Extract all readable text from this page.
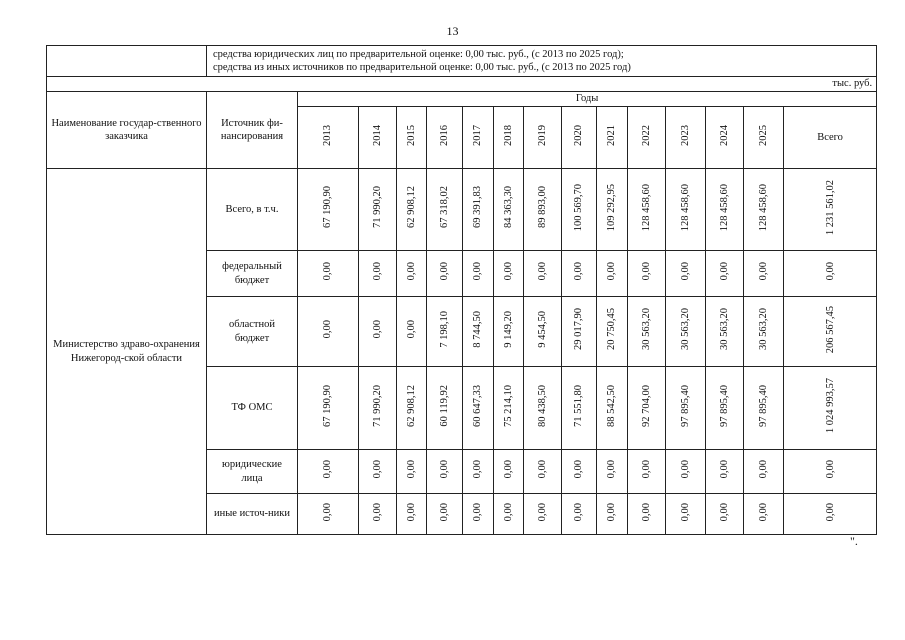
13

	средства юридических лиц по предварительной оценке: 0,00 тыс. руб., (с 2013 по 2025 год);
средства из иных источников по предварительной оценке: 0,00 тыс. руб., (с 2013 по 2025 год)														

тыс. руб.															
Наименование государ-ственного заказчика	Источник фи-нансирования	Годы													
		2013	2014	2015	2016	2017	2018	2019	2020	2021	2022	2023	2024	2025	Всего
Министерство здраво-охранения Нижегород-ской области	Всего, в т.ч.	67 190,90	71 990,20	62 908,12	67 318,02	69 391,83	84 363,30	89 893,00	100 569,70	109 292,95	128 458,60	128 458,60	128 458,60	128 458,60	1 231 561,02
	федеральный бюджет	0,00	0,00	0,00	0,00	0,00	0,00	0,00	0,00	0,00	0,00	0,00	0,00	0,00	0,00
	областной бюджет	0,00	0,00	0,00	7 198,10	8 744,50	9 149,20	9 454,50	29 017,90	20 750,45	30 563,20	30 563,20	30 563,20	30 563,20	206 567,45
	ТФ ОМС	67 190,90	71 990,20	62 908,12	60 119,92	60 647,33	75 214,10	80 438,50	71 551,80	88 542,50	92 704,00	97 895,40	97 895,40	97 895,40	1 024 993,57
	юридические лица	0,00	0,00	0,00	0,00	0,00	0,00	0,00	0,00	0,00	0,00	0,00	0,00	0,00	0,00
	иные источ-ники	0,00	0,00	0,00	0,00	0,00	0,00	0,00	0,00	0,00	0,00	0,00	0,00	0,00	0,00
".
